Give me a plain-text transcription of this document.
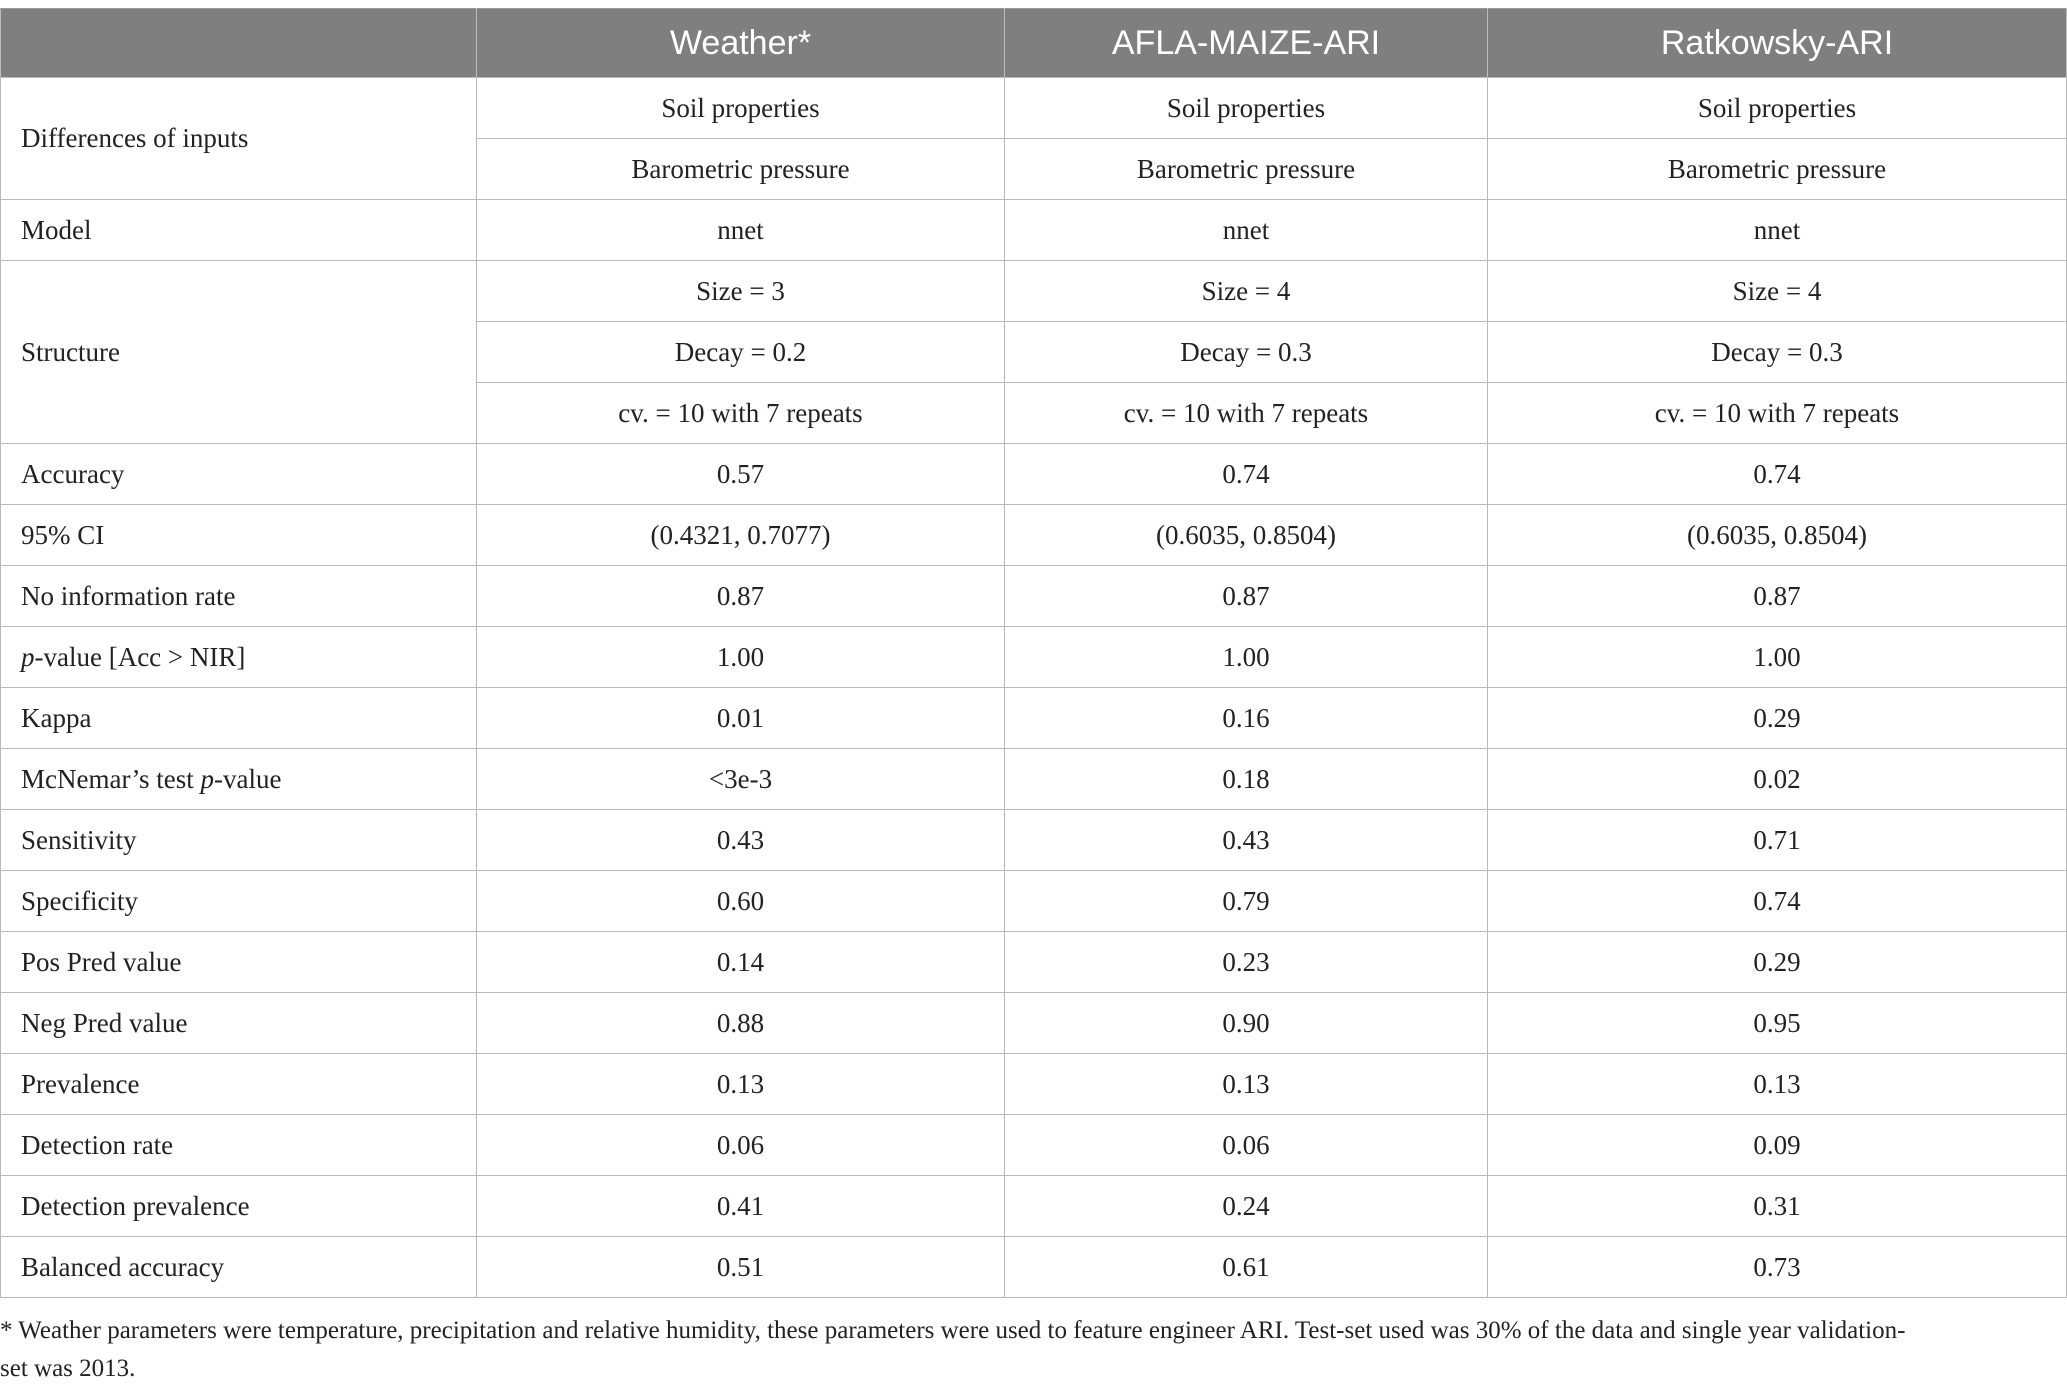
	Weather*	AFLA-MAIZE-ARI	Ratkowsky-ARI
Differences of inputs	Soil properties	Soil properties	Soil properties
	Barometric pressure	Barometric pressure	Barometric pressure
Model	nnet	nnet	nnet
Structure	Size = 3	Size = 4	Size = 4
	Decay = 0.2	Decay = 0.3	Decay = 0.3
	cv. = 10 with 7 repeats	cv. = 10 with 7 repeats	cv. = 10 with 7 repeats
Accuracy	0.57	0.74	0.74
95% CI	(0.4321, 0.7077)	(0.6035, 0.8504)	(0.6035, 0.8504)
No information rate	0.87	0.87	0.87
p-value [Acc > NIR]	1.00	1.00	1.00
Kappa	0.01	0.16	0.29
McNemar’s test p-value	<3e-3	0.18	0.02
Sensitivity	0.43	0.43	0.71
Specificity	0.60	0.79	0.74
Pos Pred value	0.14	0.23	0.29
Neg Pred value	0.88	0.90	0.95
Prevalence	0.13	0.13	0.13
Detection rate	0.06	0.06	0.09
Detection prevalence	0.41	0.24	0.31
Balanced accuracy	0.51	0.61	0.73
* Weather parameters were temperature, precipitation and relative humidity, these parameters were used to feature engineer ARI. Test-set used was 30% of the data and single year validation-
set was 2013.
